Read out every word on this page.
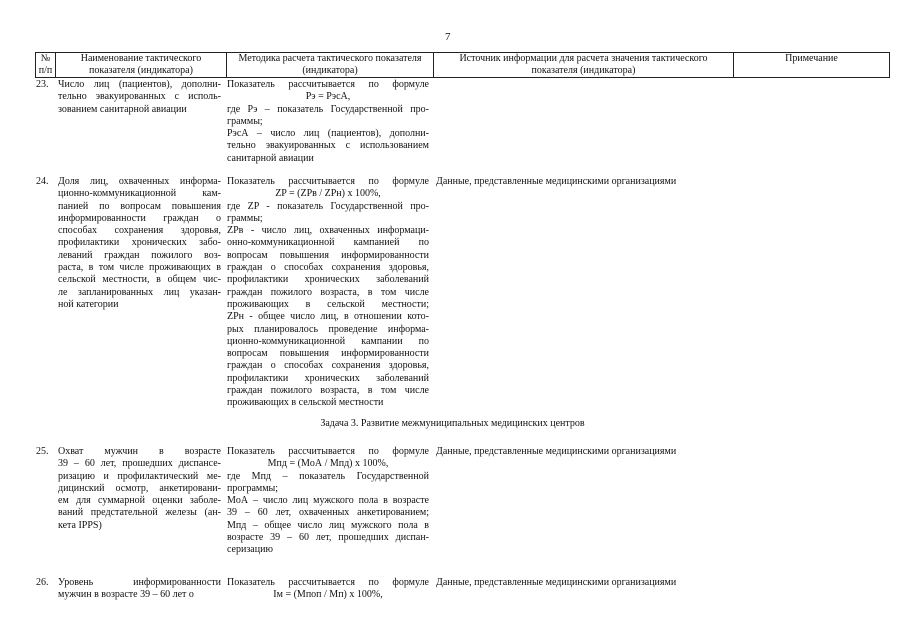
7
№
п/п
Наименование тактического
показателя (индикатора)
Методика расчета тактического показателя
(индикатора)
Источник информации для расчета значения тактического
показателя (индикатора)
Примечание
23. Число лиц (пациентов), дополни-
тельно эвакуированных с исполь-
зованием санитарной авиации
Показатель рассчитывается по формуле
Pэ = PэсА,
где Pэ – показатель Государственной про-
граммы;
PэсА – число лиц (пациентов), дополни-
тельно эвакуированных с использованием
санитарной авиации
24. Доля лиц, охваченных информа-
ционно-коммуникационной кам-
панией по вопросам повышения
информированности граждан о
способах сохранения здоровья,
профилактики хронических забо-
леваний граждан пожилого воз-
раста, в том числе проживающих в
сельской местности, в общем чис-
ле запланированных лиц указан-
ной категории
Показатель рассчитывается по формуле
ZP = (ZPв / ZPн) x 100%,
где ZP - показатель Государственной про-
граммы;
ZPв - число лиц, охваченных информаци-
онно-коммуникационной кампанией по
вопросам повышения информированности
граждан о способах сохранения здоровья,
профилактики хронических заболеваний
граждан пожилого возраста, в том числе
проживающих в сельской местности;
ZPн - общее число лиц, в отношении кото-
рых планировалось проведение информа-
ционно-коммуникационной кампании по
вопросам повышения информированности
граждан о способах сохранения здоровья,
профилактики хронических заболеваний
граждан пожилого возраста, в том числе
проживающих в сельской местности
Данные, представленные медицинскими организациями
Задача 3. Развитие межмуниципальных медицинских центров
25. Охват мужчин в возрасте
39 – 60 лет, прошедших диспансе-
ризацию и профилактический ме-
дицинский осмотр, анкетировани-
ем для суммарной оценки заболе-
ваний предстательной железы (ан-
кета IPPS)
Показатель рассчитывается по формуле
Mпд = (MоА / Mпд) x 100%,
где Mпд – показатель Государственной
программы;
MоА – число лиц мужского пола в возрасте
39 – 60 лет, охваченных анкетированием;
Mпд – общее число лиц мужского пола в
возрасте 39 – 60 лет, прошедших диспан-
серизацию
Данные, представленные медицинскими организациями
26. Уровень информированности
мужчин в возрасте 39 – 60 лет о
Показатель рассчитывается по формуле
Iм = (Mпоп / Mп) x 100%,
Данные, представленные медицинскими организациями
